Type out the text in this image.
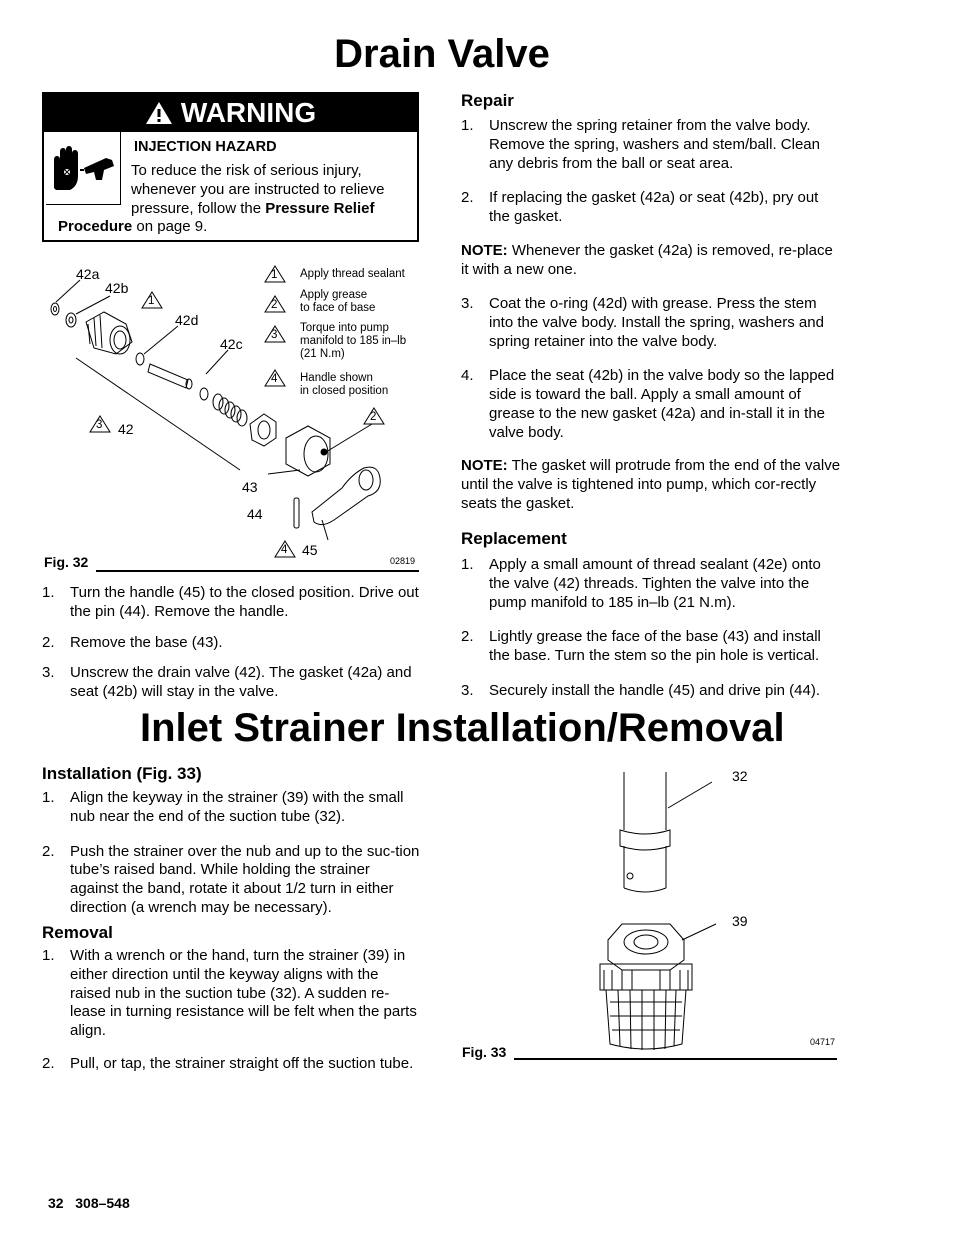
Drain Valve
Inlet Strainer Installation/Removal
WARNING
INJECTION HAZARD
To reduce the risk of serious injury,
whenever you are instructed to relieve
pressure, follow the Pressure Relief
Procedure on page 9.
1
3
2
4
42a
42b
42d
42c
42
43
44
45
1 Apply thread sealant
2
Apply grease
to face of base
3
Torque into pump
manifold to 185 in–lb
(21 N.m)
4 Handle shown
in closed position
Fig. 32	02819
1. Turn the handle (45) to the closed position. Drive out the pin (44). Remove the handle.
2. Remove the base (43).
3. Unscrew the drain valve (42). The gasket (42a) and seat (42b) will stay in the valve.
Repair
1. Unscrew the spring retainer from the valve body. Remove the spring, washers and stem/ball. Clean any debris from the ball or seat area.
2. If replacing the gasket (42a) or seat (42b), pry out the gasket.
NOTE: Whenever the gasket (42a) is removed, re-place it with a new one.
3. Coat the o-ring (42d) with grease. Press the stem into the valve body. Install the spring, washers and spring retainer into the valve body.
4. Place the seat (42b) in the valve body so the lapped side is toward the ball. Apply a small amount of grease to the new gasket (42a) and in-stall it in the valve body.
NOTE: The gasket will protrude from the end of the valve until the valve is tightened into pump, which cor-rectly seats the gasket.
Replacement
1. Apply a small amount of thread sealant (42e) onto the valve (42) threads. Tighten the valve into the pump manifold to 185 in–lb (21 N.m).
2. Lightly grease the face of the base (43) and install the base. Turn the stem so the pin hole is vertical.
3. Securely install the handle (45) and drive pin (44).
Installation (Fig. 33)
1. Align the keyway in the strainer (39) with the small nub near the end of the suction tube (32).
2. Push the strainer over the nub and up to the suc-tion tube’s raised band. While holding the strainer against the band, rotate it about 1/2 turn in either direction (a wrench may be necessary).
Removal
1. With a wrench or the hand, turn the strainer (39) in either direction until the keyway aligns with the raised nub in the suction tube (32). A sudden re-lease in turning resistance will be felt when the parts align.
2. Pull, or tap, the strainer straight off the suction tube.
32
39
Fig. 33
04717
32 308–548
